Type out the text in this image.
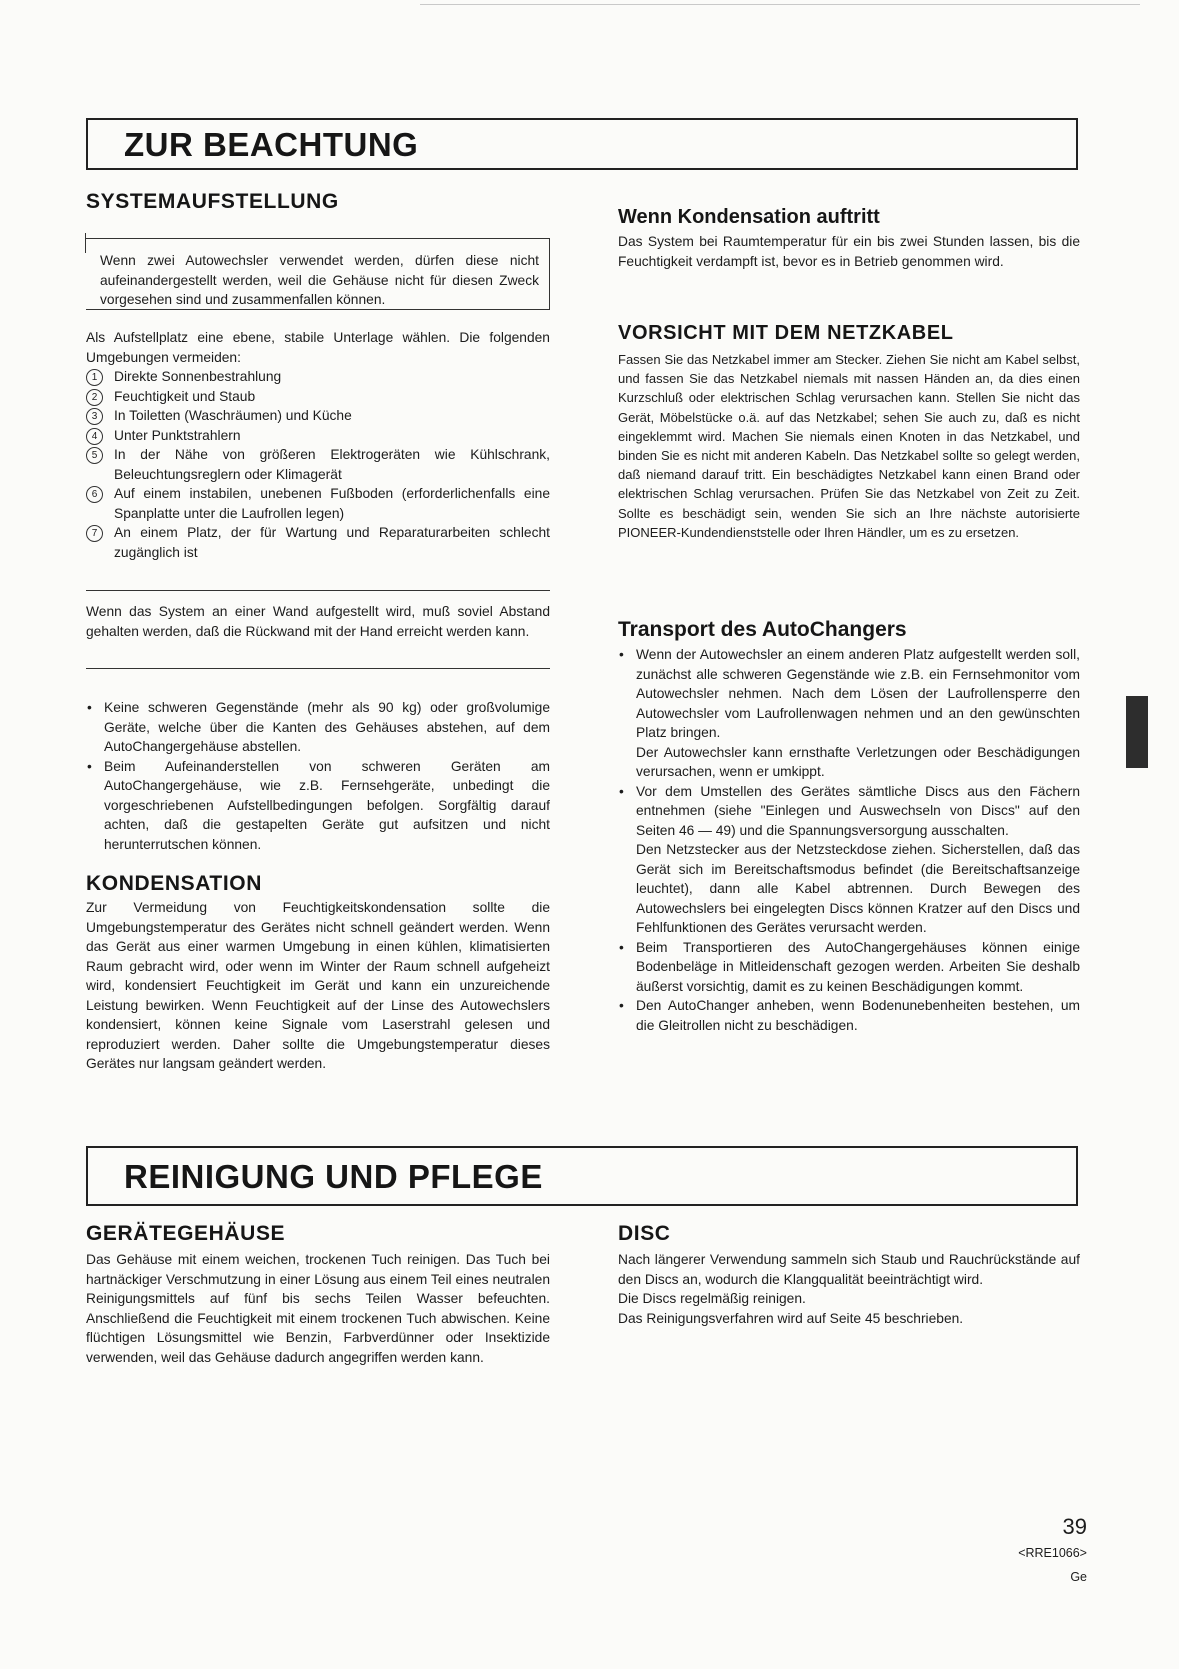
ZUR BEACHTUNG
SYSTEMAUFSTELLUNG

Wenn zwei Autowechsler verwendet werden, dürfen diese nicht aufeinandergestellt werden, weil die Gehäuse nicht für diesen Zweck vorgesehen sind und zusammenfallen können.

Als Aufstellplatz eine ebene, stabile Unterlage wählen. Die folgenden Umgebungen vermeiden:

1	Direkte Sonnenbestrahlung
2	Feuchtigkeit und Staub
3	In Toiletten (Waschräumen) und Küche
4	Unter Punktstrahlern
5	In der Nähe von größeren Elektrogeräten wie Kühlschrank, Beleuchtungsreglern oder Klimagerät
6	Auf einem instabilen, unebenen Fußboden (erforderlichenfalls eine Spanplatte unter die Laufrollen legen)
7	An einem Platz, der für Wartung und Reparaturarbeiten schlecht zugänglich ist

Wenn das System an einer Wand aufgestellt wird, muß soviel Abstand gehalten werden, daß die Rückwand mit der Hand erreicht werden kann.

• Keine schweren Gegenstände (mehr als 90 kg) oder großvolumige Geräte, welche über die Kanten des Gehäuses abstehen, auf dem AutoChangergehäuse abstellen.
• Beim Aufeinanderstellen von schweren Geräten am AutoChangergehäuse, wie z.B. Fernsehgeräte, unbedingt die vorgeschriebenen Aufstellbedingungen befolgen. Sorgfältig darauf achten, daß die gestapelten Geräte gut aufsitzen und nicht herunterrutschen können.
KONDENSATION

Zur Vermeidung von Feuchtigkeitskondensation sollte die Umgebungstemperatur des Gerätes nicht schnell geändert werden. Wenn das Gerät aus einer warmen Umgebung in einen kühlen, klimatisierten Raum gebracht wird, oder wenn im Winter der Raum schnell aufgeheizt wird, kondensiert Feuchtigkeit im Gerät und kann ein unzureichende Leistung bewirken. Wenn Feuchtigkeit auf der Linse des Autowechslers kondensiert, können keine Signale vom Laserstrahl gelesen und reproduziert werden. Daher sollte die Umgebungstemperatur dieses Gerätes nur langsam geändert werden.

Wenn Kondensation auftritt

Das System bei Raumtemperatur für ein bis zwei Stunden lassen, bis die Feuchtigkeit verdampft ist, bevor es in Betrieb genommen wird.

VORSICHT MIT DEM NETZKABEL

Fassen Sie das Netzkabel immer am Stecker. Ziehen Sie nicht am Kabel selbst, und fassen Sie das Netzkabel niemals mit nassen Händen an, da dies einen Kurzschluß oder elektrischen Schlag verursachen kann. Stellen Sie nicht das Gerät, Möbelstücke o.ä. auf das Netzkabel; sehen Sie auch zu, daß es nicht eingeklemmt wird. Machen Sie niemals einen Knoten in das Netzkabel, und binden Sie es nicht mit anderen Kabeln. Das Netzkabel sollte so gelegt werden, daß niemand darauf tritt. Ein beschädigtes Netzkabel kann einen Brand oder elektrischen Schlag verursachen. Prüfen Sie das Netzkabel von Zeit zu Zeit. Sollte es beschädigt sein, wenden Sie sich an Ihre nächste autorisierte PIONEER-Kundendienststelle oder Ihren Händler, um es zu ersetzen.

Transport des AutoChangers
• Wenn der Autowechsler an einem anderen Platz aufgestellt werden soll, zunächst alle schweren Gegenstände wie z.B. ein Fernsehmonitor vom Autowechsler nehmen. Nach dem Lösen der Laufrollensperre den Autowechsler vom Laufrollenwagen nehmen und an den gewünschten Platz bringen.
Der Autowechsler kann ernsthafte Verletzungen oder Beschädigungen verursachen, wenn er umkippt.
• Vor dem Umstellen des Gerätes sämtliche Discs aus den Fächern entnehmen (siehe "Einlegen und Auswechseln von Discs" auf den Seiten 46 — 49) und die Spannungsversorgung ausschalten.
Den Netzstecker aus der Netzsteckdose ziehen. Sicherstellen, daß das Gerät sich im Bereitschaftsmodus befindet (die Bereitschaftsanzeige leuchtet), dann alle Kabel abtrennen. Durch Bewegen des Autowechslers bei eingelegten Discs können Kratzer auf den Discs und Fehlfunktionen des Gerätes verursacht werden.
• Beim Transportieren des AutoChangergehäuses können einige Bodenbeläge in Mitleidenschaft gezogen werden. Arbeiten Sie deshalb äußerst vorsichtig, damit es zu keinen Beschädigungen kommt.
• Den AutoChanger anheben, wenn Bodenunebenheiten bestehen, um die Gleitrollen nicht zu beschädigen.
REINIGUNG UND PFLEGE
GERÄTEGEHÄUSE

Das Gehäuse mit einem weichen, trockenen Tuch reinigen. Das Tuch bei hartnäckiger Verschmutzung in einer Lösung aus einem Teil eines neutralen Reinigungsmittels auf fünf bis sechs Teilen Wasser befeuchten. Anschließend die Feuchtigkeit mit einem trockenen Tuch abwischen. Keine flüchtigen Lösungsmittel wie Benzin, Farbverdünner oder Insektizide verwenden, weil das Gehäuse dadurch angegriffen werden kann.

DISC

Nach längerer Verwendung sammeln sich Staub und Rauchrückstände auf den Discs an, wodurch die Klangqualität beeinträchtigt wird.

Die Discs regelmäßig reinigen.

Das Reinigungsverfahren wird auf Seite 45 beschrieben.

39
<RRE1066>
Ge
